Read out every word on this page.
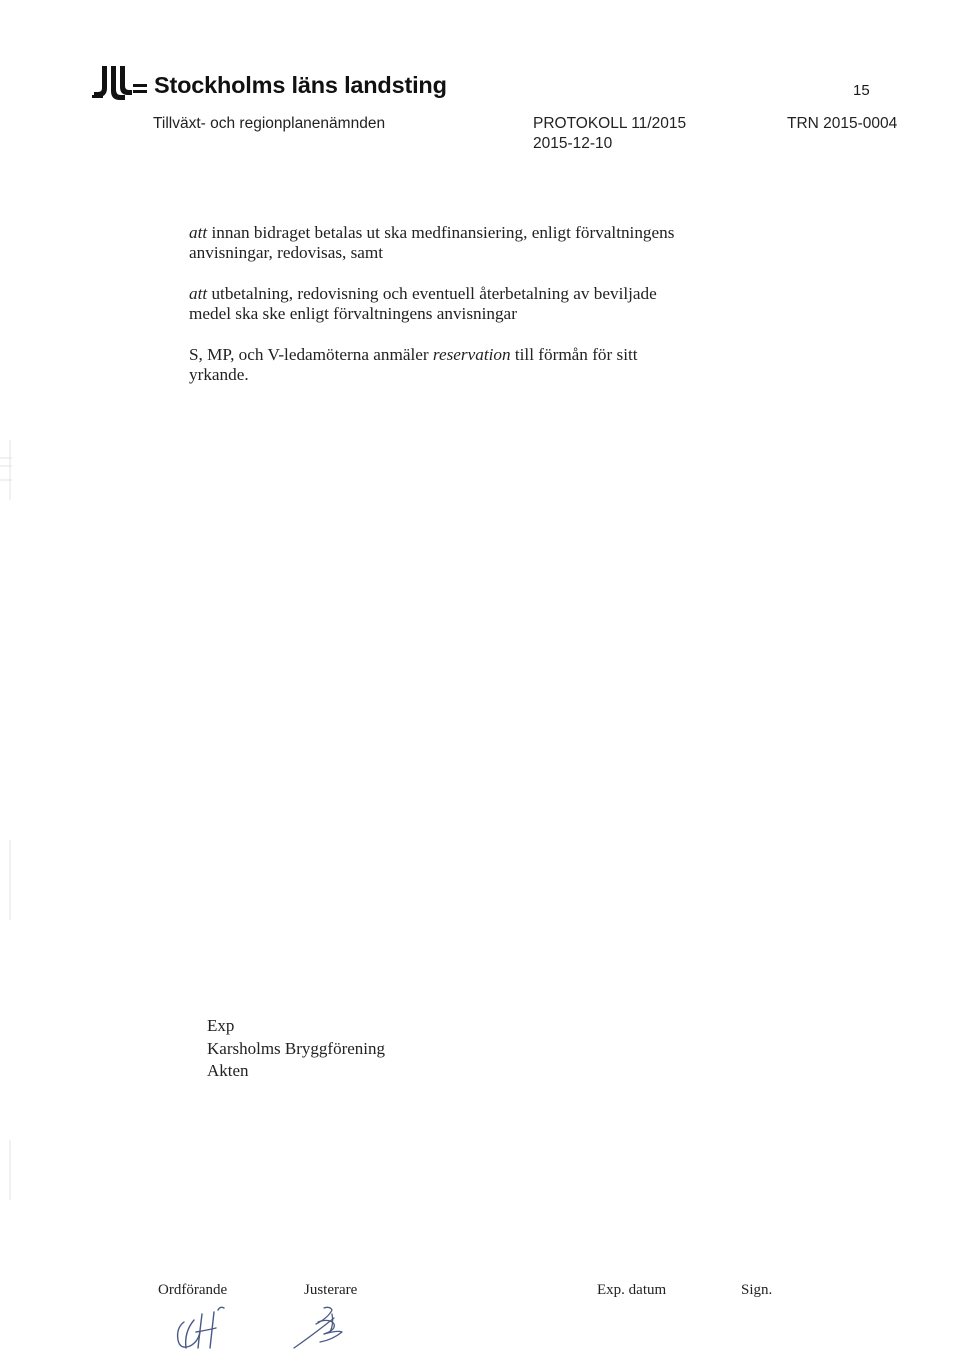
Stockholms läns landsting	15
Tillväxt- och regionplanenämnden	PROTOKOLL 11/2015
2015-12-10
TRN 2015-0004
att innan bidraget betalas ut ska medfinansiering, enligt förvaltningens
anvisningar, redovisas, samt
att utbetalning, redovisning och eventuell återbetalning av beviljade
medel ska ske enligt förvaltningens anvisningar
S, MP, och V-ledamöterna anmäler reservation till förmån för sitt
yrkande.
Exp
Karsholms Bryggförening
Akten
Ordförande	Justerare	Exp. datum	Sign.
